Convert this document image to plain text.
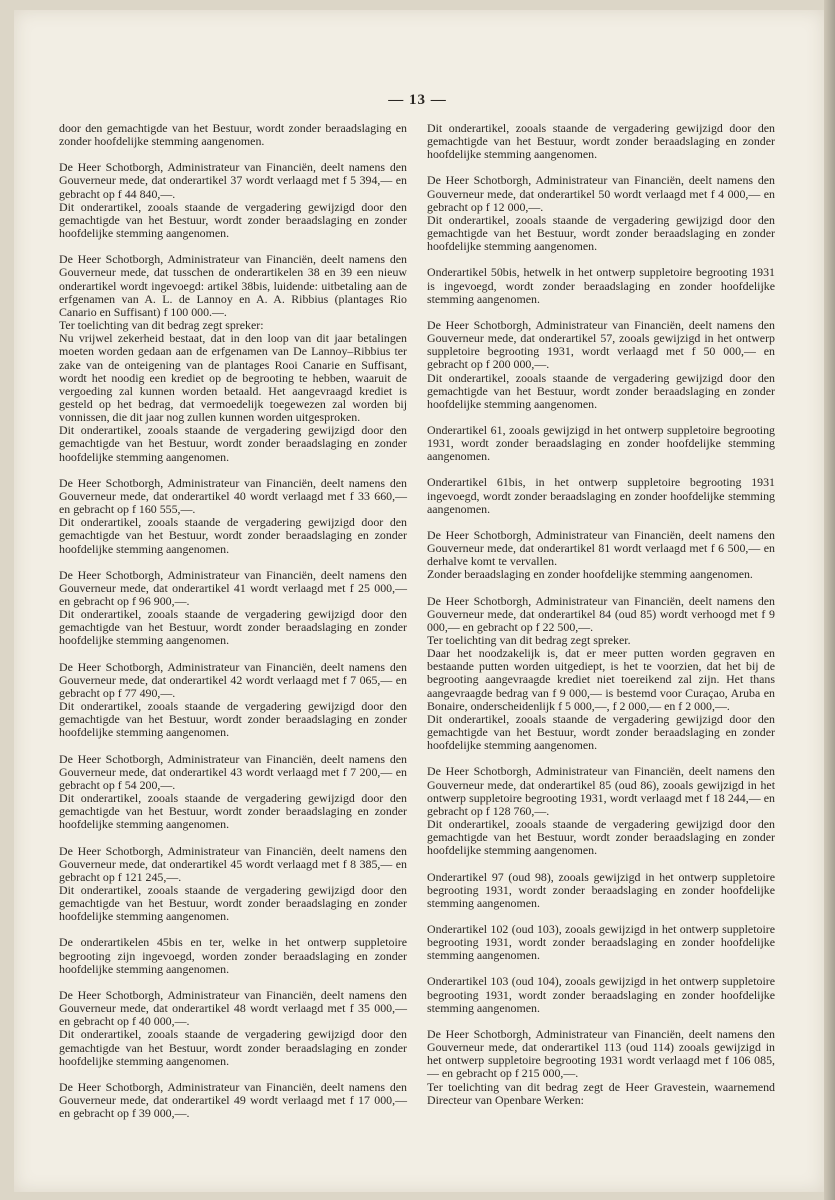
— 13 —

door den gemachtigde van het Bestuur, wordt zonder beraadslaging en zonder hoofdelijke stemming aangenomen.

De Heer Schotborgh, Administrateur van Financiën, deelt namens den Gouverneur mede, dat onderartikel 37 wordt verlaagd met f 5 394,— en gebracht op f 44 840,—.

Dit onderartikel, zooals staande de vergadering gewijzigd door den gemachtigde van het Bestuur, wordt zonder beraadslaging en zonder hoofdelijke stemming aangenomen.

De Heer Schotborgh, Administrateur van Financiën, deelt namens den Gouverneur mede, dat tusschen de onderartikelen 38 en 39 een nieuw onderartikel wordt ingevoegd: artikel 38bis, luidende: uitbetaling aan de erfgenamen van A. L. de Lannoy en A. A. Ribbius (plantages Rio Canario en Suffisant) f 100 000.—.

Ter toelichting van dit bedrag zegt spreker:

Nu vrijwel zekerheid bestaat, dat in den loop van dit jaar betalingen moeten worden gedaan aan de erfgenamen van De Lannoy–Ribbius ter zake van de onteigening van de plantages Rooi Canarie en Suffisant, wordt het noodig een krediet op de begrooting te hebben, waaruit de vergoeding zal kunnen worden betaald. Het aangevraagd krediet is gesteld op het bedrag, dat vermoedelijk toegewezen zal worden bij vonnissen, die dit jaar nog zullen kunnen worden uitgesproken.

Dit onderartikel, zooals staande de vergadering gewijzigd door den gemachtigde van het Bestuur, wordt zonder beraadslaging en zonder hoofdelijke stemming aangenomen.

De Heer Schotborgh, Administrateur van Financiën, deelt namens den Gouverneur mede, dat onderartikel 40 wordt verlaagd met f 33 660,— en gebracht op f 160 555,—.

Dit onderartikel, zooals staande de vergadering gewijzigd door den gemachtigde van het Bestuur, wordt zonder beraadslaging en zonder hoofdelijke stemming aangenomen.

De Heer Schotborgh, Administrateur van Financiën, deelt namens den Gouverneur mede, dat onderartikel 41 wordt verlaagd met f 25 000,— en gebracht op f 96 900,—.

Dit onderartikel, zooals staande de vergadering gewijzigd door den gemachtigde van het Bestuur, wordt zonder beraadslaging en zonder hoofdelijke stemming aangenomen.

De Heer Schotborgh, Administrateur van Financiën, deelt namens den Gouverneur mede, dat onderartikel 42 wordt verlaagd met f 7 065,— en gebracht op f 77 490,—.

Dit onderartikel, zooals staande de vergadering gewijzigd door den gemachtigde van het Bestuur, wordt zonder beraadslaging en zonder hoofdelijke stemming aangenomen.

De Heer Schotborgh, Administrateur van Financiën, deelt namens den Gouverneur mede, dat onderartikel 43 wordt verlaagd met f 7 200,— en gebracht op f 54 200,—.

Dit onderartikel, zooals staande de vergadering gewijzigd door den gemachtigde van het Bestuur, wordt zonder beraadslaging en zonder hoofdelijke stemming aangenomen.

De Heer Schotborgh, Administrateur van Financiën, deelt namens den Gouverneur mede, dat onderartikel 45 wordt verlaagd met f 8 385,— en gebracht op f 121 245,—.

Dit onderartikel, zooals staande de vergadering gewijzigd door den gemachtigde van het Bestuur, wordt zonder beraadslaging en zonder hoofdelijke stemming aangenomen.

De onderartikelen 45bis en ter, welke in het ontwerp suppletoire begrooting zijn ingevoegd, worden zonder beraadslaging en zonder hoofdelijke stemming aangenomen.

De Heer Schotborgh, Administrateur van Financiën, deelt namens den Gouverneur mede, dat onderartikel 48 wordt verlaagd met f 35 000,— en gebracht op f 40 000,—.

Dit onderartikel, zooals staande de vergadering gewijzigd door den gemachtigde van het Bestuur, wordt zonder beraadslaging en zonder hoofdelijke stemming aangenomen.

De Heer Schotborgh, Administrateur van Financiën, deelt namens den Gouverneur mede, dat onderartikel 49 wordt verlaagd met f 17 000,— en gebracht op f 39 000,—.

Dit onderartikel, zooals staande de vergadering gewijzigd door den gemachtigde van het Bestuur, wordt zonder beraadslaging en zonder hoofdelijke stemming aangenomen.

De Heer Schotborgh, Administrateur van Financiën, deelt namens den Gouverneur mede, dat onderartikel 50 wordt verlaagd met f 4 000,— en gebracht op f 12 000,—.

Dit onderartikel, zooals staande de vergadering gewijzigd door den gemachtigde van het Bestuur, wordt zonder beraadslaging en zonder hoofdelijke stemming aangenomen.

Onderartikel 50bis, hetwelk in het ontwerp suppletoire begrooting 1931 is ingevoegd, wordt zonder beraadslaging en zonder hoofdelijke stemming aangenomen.

De Heer Schotborgh, Administrateur van Financiën, deelt namens den Gouverneur mede, dat onderartikel 57, zooals gewijzigd in het ontwerp suppletoire begrooting 1931, wordt verlaagd met f 50 000,— en gebracht op f 200 000,—.

Dit onderartikel, zooals staande de vergadering gewijzigd door den gemachtigde van het Bestuur, wordt zonder beraadslaging en zonder hoofdelijke stemming aangenomen.

Onderartikel 61, zooals gewijzigd in het ontwerp suppletoire begrooting 1931, wordt zonder beraadslaging en zonder hoofdelijke stemming aangenomen.

Onderartikel 61bis, in het ontwerp suppletoire begrooting 1931 ingevoegd, wordt zonder beraadslaging en zonder hoofdelijke stemming aangenomen.

De Heer Schotborgh, Administrateur van Financiën, deelt namens den Gouverneur mede, dat onderartikel 81 wordt verlaagd met f 6 500,— en derhalve komt te vervallen.

Zonder beraadslaging en zonder hoofdelijke stemming aangenomen.

De Heer Schotborgh, Administrateur van Financiën, deelt namens den Gouverneur mede, dat onderartikel 84 (oud 85) wordt verhoogd met f 9 000,— en gebracht op f 22 500,—.

Ter toelichting van dit bedrag zegt spreker.

Daar het noodzakelijk is, dat er meer putten worden gegraven en bestaande putten worden uitgediept, is het te voorzien, dat het bij de begrooting aangevraagde krediet niet toereikend zal zijn. Het thans aangevraagde bedrag van f 9 000,— is bestemd voor Curaçao, Aruba en Bonaire, onderscheidenlijk f 5 000,—, f 2 000,— en f 2 000,—.

Dit onderartikel, zooals staande de vergadering gewijzigd door den gemachtigde van het Bestuur, wordt zonder beraadslaging en zonder hoofdelijke stemming aangenomen.

De Heer Schotborgh, Administrateur van Financiën, deelt namens den Gouverneur mede, dat onderartikel 85 (oud 86), zooals gewijzigd in het ontwerp suppletoire begrooting 1931, wordt verlaagd met f 18 244,— en gebracht op f 128 760,—.

Dit onderartikel, zooals staande de vergadering gewijzigd door den gemachtigde van het Bestuur, wordt zonder beraadslaging en zonder hoofdelijke stemming aangenomen.

Onderartikel 97 (oud 98), zooals gewijzigd in het ontwerp suppletoire begrooting 1931, wordt zonder beraadslaging en zonder hoofdelijke stemming aangenomen.

Onderartikel 102 (oud 103), zooals gewijzigd in het ontwerp suppletoire begrooting 1931, wordt zonder beraadslaging en zonder hoofdelijke stemming aangenomen.

Onderartikel 103 (oud 104), zooals gewijzigd in het ontwerp suppletoire begrooting 1931, wordt zonder beraadslaging en zonder hoofdelijke stemming aangenomen.

De Heer Schotborgh, Administrateur van Financiën, deelt namens den Gouverneur mede, dat onderartikel 113 (oud 114) zooals gewijzigd in het ontwerp suppletoire begrooting 1931 wordt verlaagd met f 106 085,— en gebracht op f 215 000,—.

Ter toelichting van dit bedrag zegt de Heer Gravestein, waarnemend Directeur van Openbare Werken:
